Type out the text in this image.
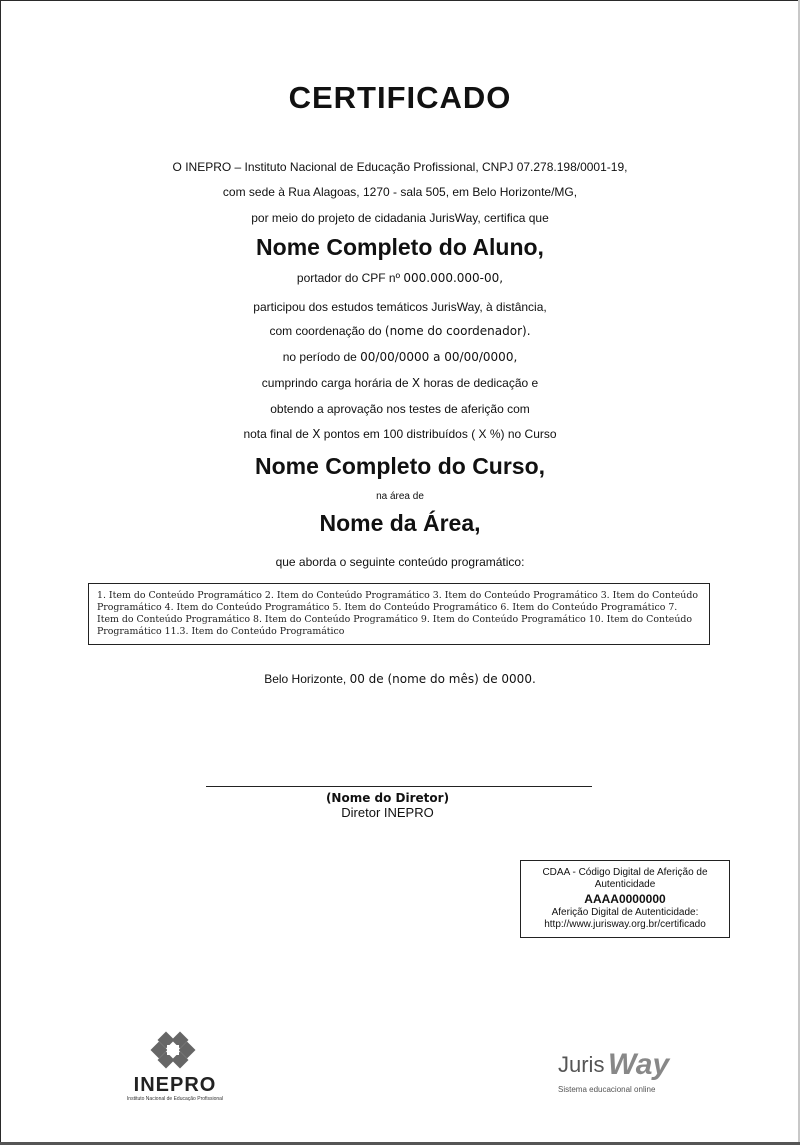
CERTIFICADO
O INEPRO – Instituto Nacional de Educação Profissional, CNPJ 07.278.198/0001-19,
com sede à Rua Alagoas, 1270 - sala 505, em Belo Horizonte/MG,
por meio do projeto de cidadania JurisWay, certifica que
Nome Completo do Aluno,
portador do CPF nº 000.000.000-00,
participou dos estudos temáticos JurisWay, à distância,
com coordenação do (nome do coordenador).
no período de 00/00/0000 a 00/00/0000,
cumprindo carga horária de X horas de dedicação e
obtendo a aprovação nos testes de aferição com
nota final de X pontos em 100 distribuídos ( X %) no Curso
Nome Completo do Curso,
na área de
Nome da Área,
que aborda o seguinte conteúdo programático:
1. Item do Conteúdo Programático 2. Item do Conteúdo Programático 3. Item do Conteúdo Programático 3. Item do Conteúdo Programático 4. Item do Conteúdo Programático 5. Item do Conteúdo Programático 6. Item do Conteúdo Programático 7. Item do Conteúdo Programático 8. Item do Conteúdo Programático 9. Item do Conteúdo Programático 10. Item do Conteúdo Programático 11.3. Item do Conteúdo Programático
Belo Horizonte, 00 de (nome do mês) de 0000.
(Nome do Diretor)
Diretor INEPRO
CDAA - Código Digital de Aferição de Autenticidade
AAAA0000000
Aferição Digital de Autenticidade:
http://www.jurisway.org.br/certificado
INEPRO
Instituto Nacional de Educação Profissional
Juris Way
Sistema educacional online
